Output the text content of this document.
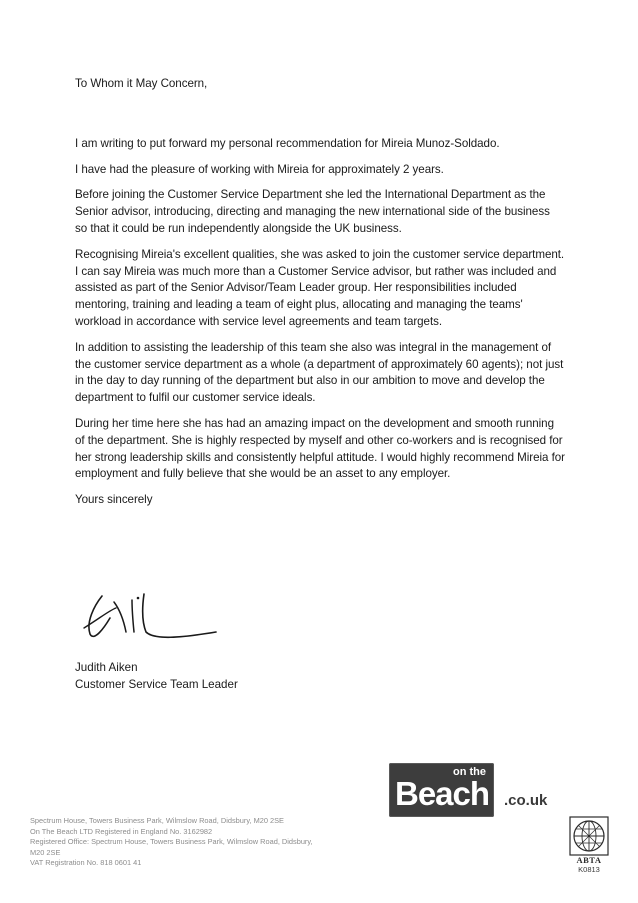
To Whom it May Concern,

I am writing to put forward my personal recommendation for Mireia Munoz-Soldado.

I have had the pleasure of working with Mireia for approximately 2 years.

Before joining the Customer Service Department she led the International Department as the Senior advisor, introducing, directing and managing the new international side of the business so that it could be run independently alongside the UK business.

Recognising Mireia's excellent qualities, she was asked to join the customer service department. I can say Mireia was much more than a Customer Service advisor, but rather was included and assisted as part of the Senior Advisor/Team Leader group. Her responsibilities included mentoring, training and leading a team of eight plus, allocating and managing the teams' workload in accordance with service level agreements and team targets.

In addition to assisting the leadership of this team she also was integral in the management of the customer service department as a whole (a department of approximately 60 agents); not just in the day to day running of the department but also in our ambition to move and develop the department to fulfil our customer service ideals.

During her time here she has had an amazing impact on the development and smooth running of the department. She is highly respected by myself and other co-workers and is recognised for her strong leadership skills and consistently helpful attitude. I would highly recommend Mireia for employment and fully believe that she would be an asset to any employer.

Yours sincerely

Judith Aiken
Customer Service Team Leader
Spectrum House, Towers Business Park, Wilmslow Road, Didsbury, M20 2SE
On The Beach LTD Registered in England No. 3162982
Registered Office: Spectrum House, Towers Business Park, Wilmslow Road, Didsbury,
M20 2SE
VAT Registration No. 818 0601 41
on the
Beach .co.uk
ABTA
K0813
